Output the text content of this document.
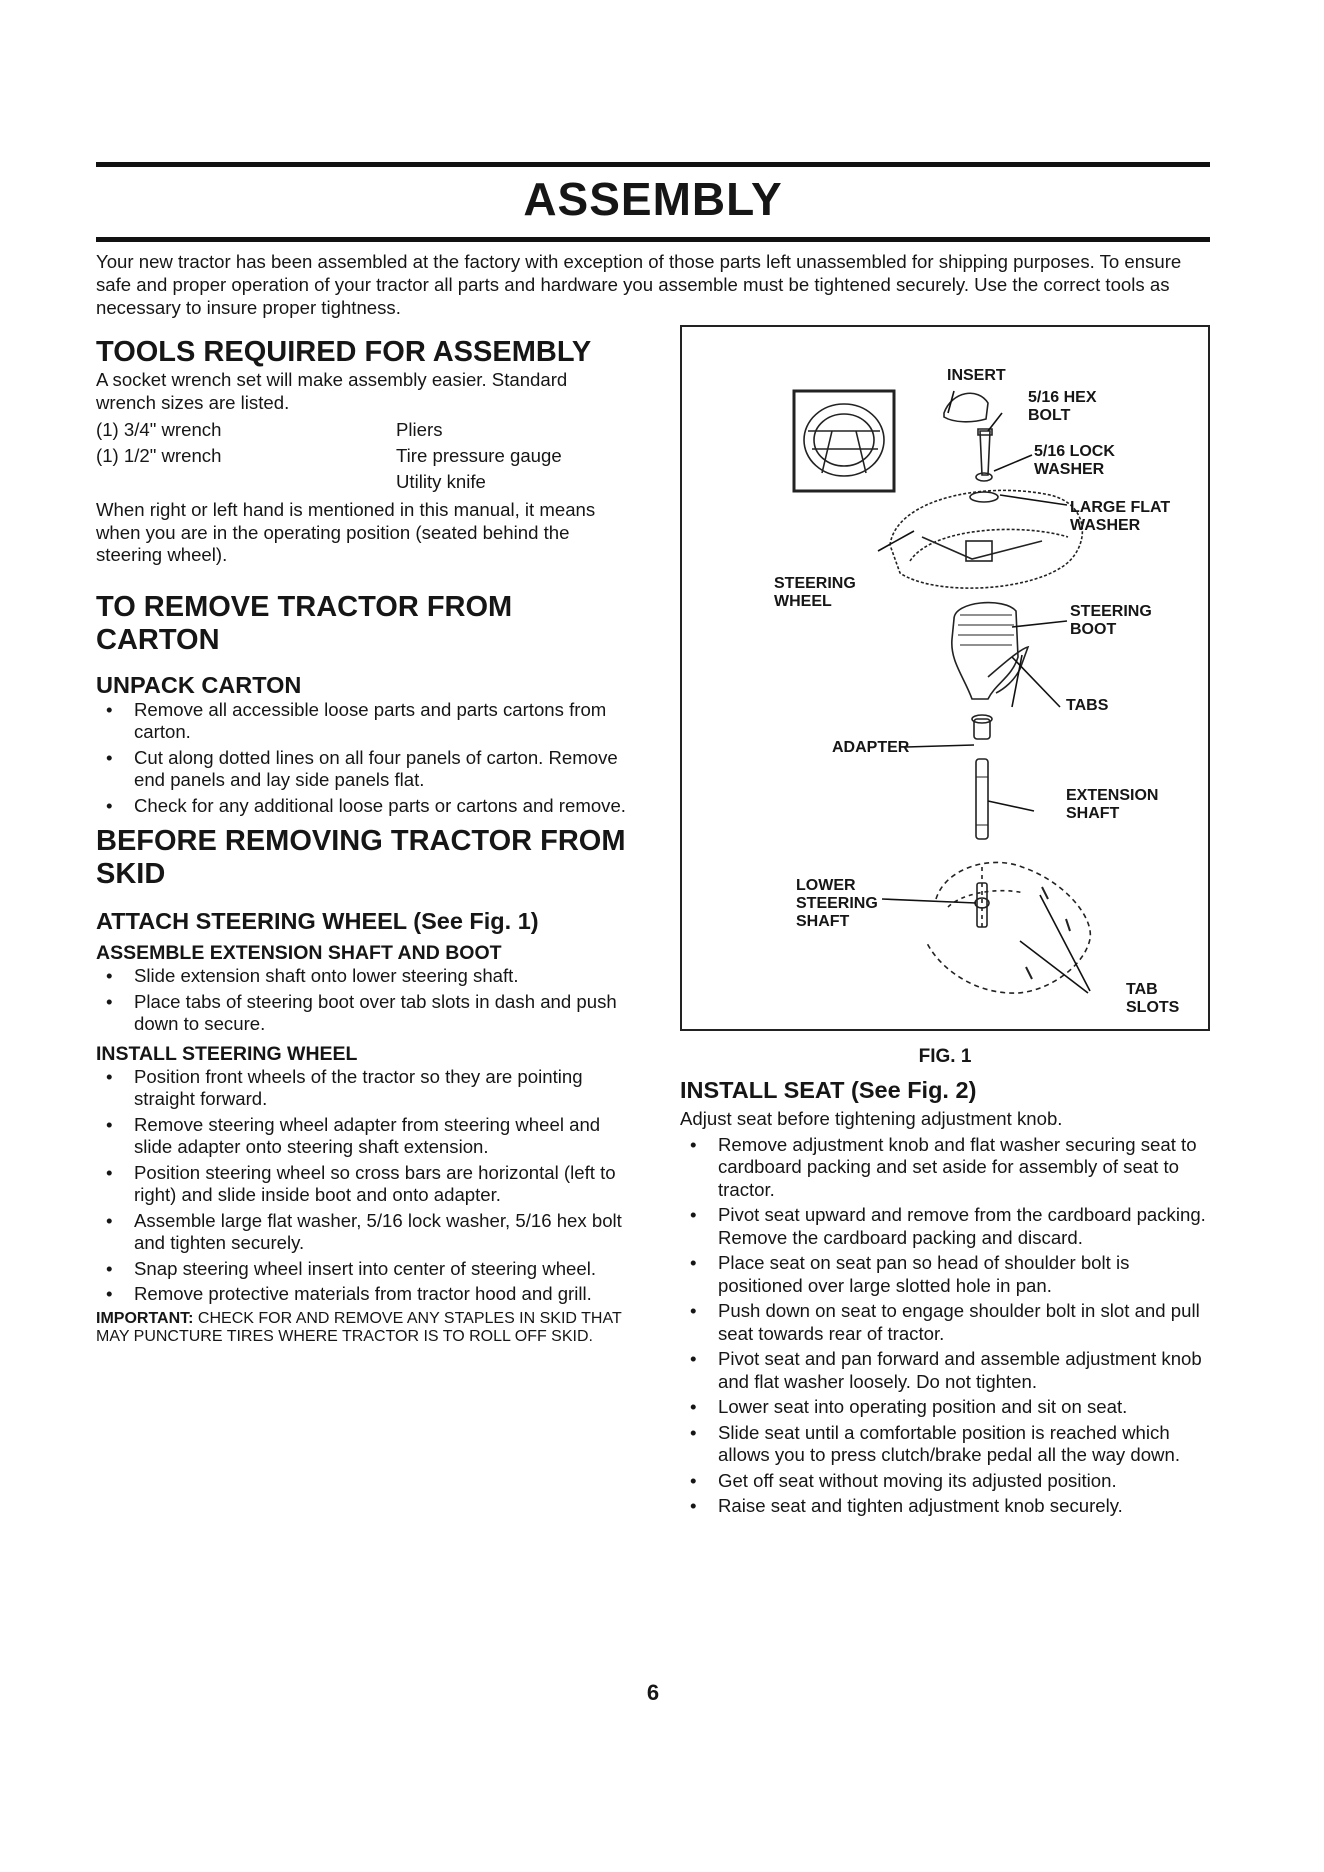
ASSEMBLY

Your new tractor has been assembled at the factory with exception of those parts left unassembled for shipping purposes. To ensure safe and proper operation of your tractor all parts and hardware you assemble must be tightened securely. Use the correct tools as necessary to insure proper tightness.

TOOLS REQUIRED FOR ASSEMBLY

A socket wrench set will make assembly easier. Standard wrench sizes are listed.

(1) 3/4" wrench	Pliers
(1) 1/2" wrench	Tire pressure gauge
	Utility knife

When right or left hand is mentioned in this manual, it means when you are in the operating position (seated behind the steering wheel).

TO REMOVE TRACTOR FROM CARTON
UNPACK CARTON
• Remove all accessible loose parts and parts cartons from carton.
• Cut along dotted lines on all four panels of carton. Remove end panels and lay side panels flat.
• Check for any additional loose parts or cartons and remove.
BEFORE REMOVING TRACTOR FROM SKID
ATTACH STEERING WHEEL (See Fig. 1)
ASSEMBLE EXTENSION SHAFT AND BOOT
• Slide extension shaft onto lower steering shaft.
• Place tabs of steering boot over tab slots in dash and push down to secure.
INSTALL STEERING WHEEL
• Position front wheels of the tractor so they are pointing straight forward.
• Remove steering wheel adapter from steering wheel and slide adapter onto steering shaft extension.
• Position steering wheel so cross bars are horizontal (left to right) and slide inside boot and onto adapter.
• Assemble large flat washer, 5/16 lock washer, 5/16 hex bolt and tighten securely.
• Snap steering wheel insert into center of steering wheel.
• Remove protective materials from tractor hood and grill.

IMPORTANT: CHECK FOR AND REMOVE ANY STAPLES IN SKID THAT MAY PUNCTURE TIRES WHERE TRACTOR IS TO ROLL OFF SKID.

INSERT
5/16 HEX
BOLT
5/16 LOCK
WASHER
LARGE FLAT
WASHER
STEERING
WHEEL
STEERING
BOOT
TABS
ADAPTER
EXTENSION
SHAFT
LOWER
STEERING
SHAFT
TAB
SLOTS
FIG. 1
INSTALL SEAT (See Fig. 2)

Adjust seat before tightening adjustment knob.

• Remove adjustment knob and flat washer securing seat to cardboard packing and set aside for assembly of seat to tractor.
• Pivot seat upward and remove from the cardboard packing. Remove the cardboard packing and discard.
• Place seat on seat pan so head of shoulder bolt is positioned over large slotted hole in pan.
• Push down on seat to engage shoulder bolt in slot and pull seat towards rear of tractor.
• Pivot seat and pan forward and assemble adjustment knob and flat washer loosely. Do not tighten.
• Lower seat into operating position and sit on seat.
• Slide seat until a comfortable position is reached which allows you to press clutch/brake pedal all the way down.
• Get off seat without moving its adjusted position.
• Raise seat and tighten adjustment knob securely.
6
